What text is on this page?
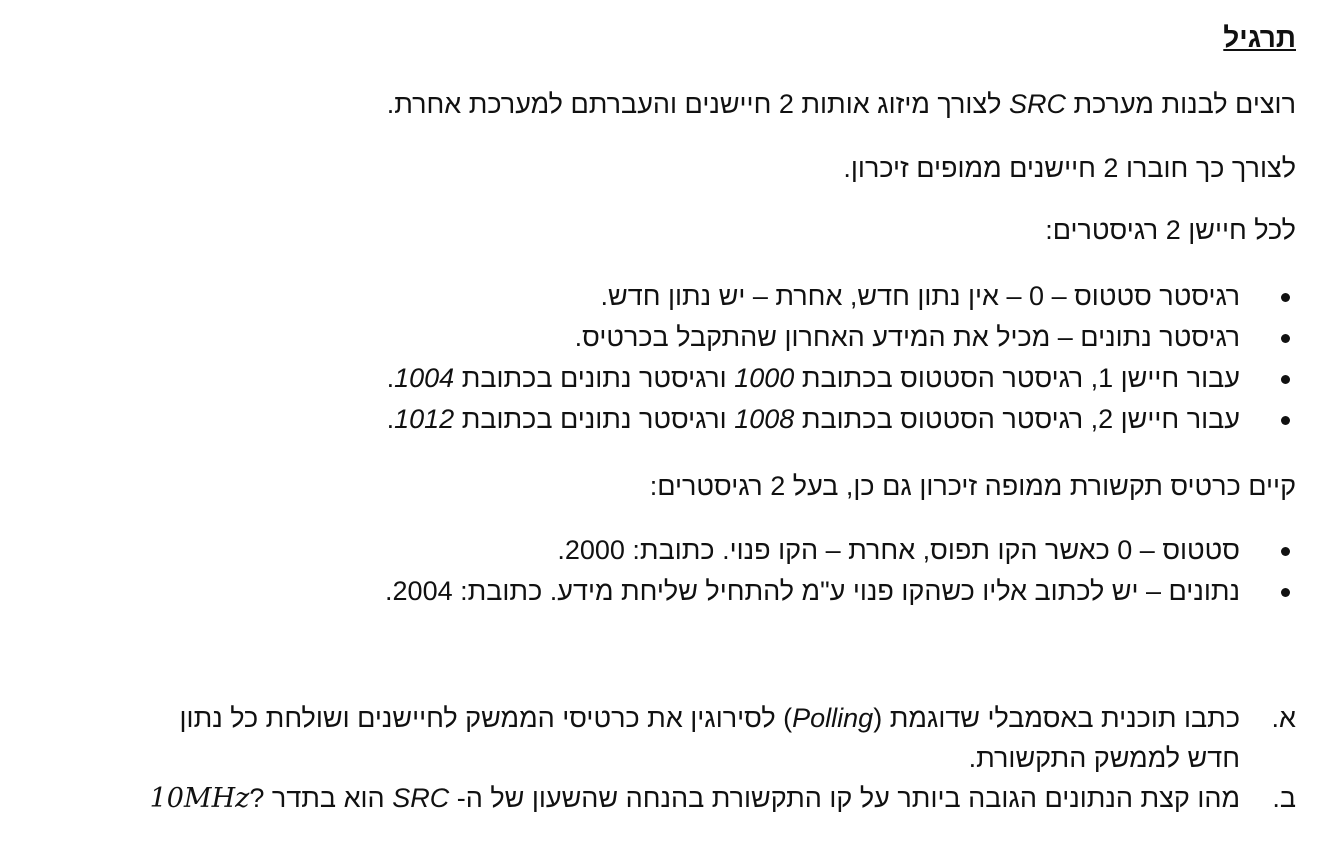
תרגיל

רוצים לבנות מערכת SRC לצורך מיזוג אותות 2 חיישנים והעברתם למערכת אחרת.

לצורך כך חוברו 2 חיישנים ממופים זיכרון.

לכל חיישן 2 רגיסטרים:

רגיסטר סטטוס – 0 – אין נתון חדש, אחרת – יש נתון חדש.
רגיסטר נתונים – מכיל את המידע האחרון שהתקבל בכרטיס.
עבור חיישן 1, רגיסטר הסטטוס בכתובת 1000 ורגיסטר נתונים בכתובת 1004.
עבור חיישן 2, רגיסטר הסטטוס בכתובת 1008 ורגיסטר נתונים בכתובת 1012.

קיים כרטיס תקשורת ממופה זיכרון גם כן, בעל 2 רגיסטרים:

סטטוס – 0 כאשר הקו תפוס, אחרת – הקו פנוי. כתובת: 2000.
נתונים – יש לכתוב אליו כשהקו פנוי ע"מ להתחיל שליחת מידע. כתובת: 2004.
א.
כתבו תוכנית באסמבלי שדוגמת (Polling) לסירוגין את כרטיסי הממשק לחיישנים ושולחת כל נתון חדש לממשק התקשורת.
ב.
מהו קצת הנתונים הגובה ביותר על קו התקשורת בהנחה שהשעון של ה- SRC הוא בתדר ?10MHz
